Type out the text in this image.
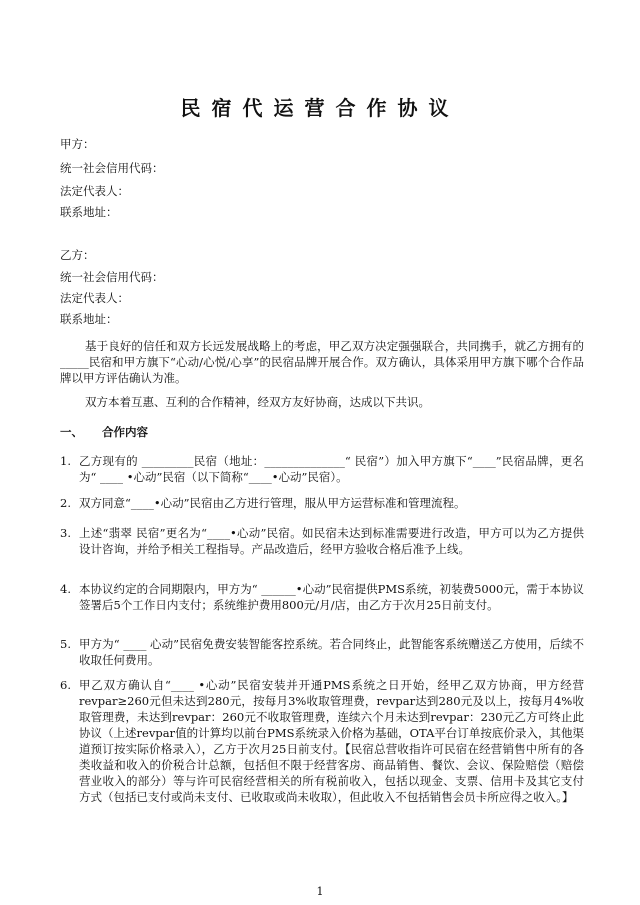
民宿代运营合作协议
甲方：
统一社会信用代码：
法定代表人：
联系地址：
乙方：
统一社会信用代码：
法定代表人：
联系地址：
基于良好的信任和双方长远发展战略上的考虑，甲乙双方决定强强联合，共同携手，就乙方拥有的_____民宿和甲方旗下“心动/心悦/心享”的民宿品牌开展合作。双方确认，具体采用甲方旗下哪个合作品牌以甲方评估确认为准。
双方本着互惠、互利的合作精神，经双方友好协商，达成以下共识。
一、 合作内容
1. 乙方现有的 _________民宿（地址：______________“ 民宿”）加入甲方旗下“____”民宿品牌，更名为“ ____ •心动”民宿（以下简称“____•心动”民宿）。
2. 双方同意“____•心动”民宿由乙方进行管理，服从甲方运营标准和管理流程。
3. 上述“翡翠 民宿”更名为“____•心动”民宿。如民宿未达到标准需要进行改造，甲方可以为乙方提供设计咨询，并给予相关工程指导。产品改造后，经甲方验收合格后准予上线。
4. 本协议约定的合同期限内，甲方为“ ______•心动”民宿提供PMS系统，初装费5000元，需于本协议签署后5个工作日内支付；系统维护费用800元/月/店，由乙方于次月25日前支付。
5. 甲方为“ ____ 心动”民宿免费安装智能客控系统。若合同终止，此智能客系统赠送乙方使用，后续不收取任何费用。
6. 甲乙双方确认自“____ •心动”民宿安装并开通PMS系统之日开始，经甲乙双方协商，甲方经营revpar≥260元但未达到280元，按每月3%收取管理费，revpar达到280元及以上，按每月4%收取管理费，未达到revpar：260元不收取管理费，连续六个月未达到revpar：230元乙方可终止此协议（上述revpar值的计算均以前台PMS系统录入价格为基础，OTA平台订单按底价录入，其他渠道预订按实际价格录入），乙方于次月25日前支付。【民宿总营收指许可民宿在经营销售中所有的各类收益和收入的价税合计总额，包括但不限于经营客房、商品销售、餐饮、会议、保险赔偿（赔偿营业收入的部分）等与许可民宿经营相关的所有税前收入，包括以现金、支票、信用卡及其它支付方式（包括已支付或尚未支付、已收取或尚未收取），但此收入不包括销售会员卡所应得之收入。】
1
